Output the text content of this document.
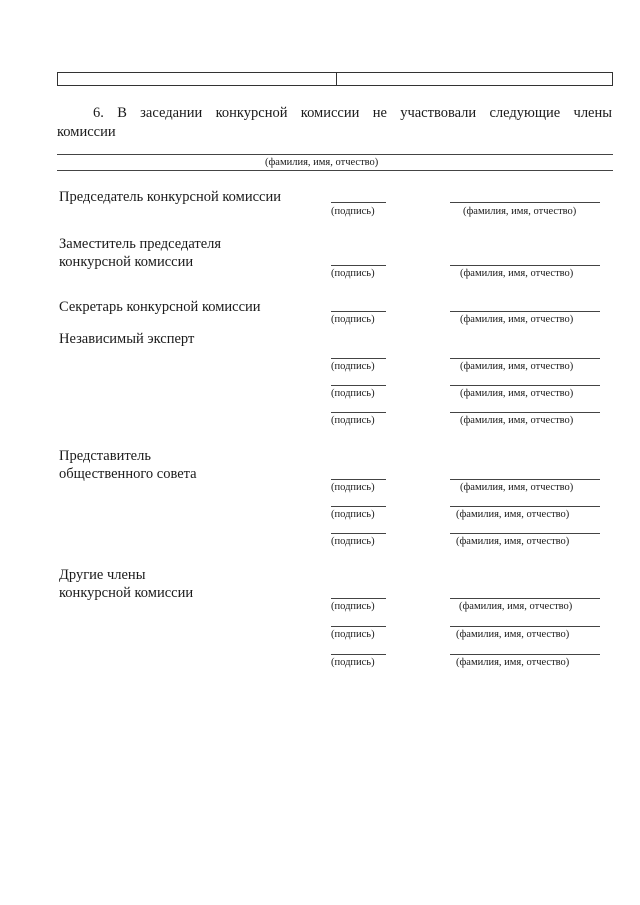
6. В заседании конкурсной комиссии не участвовали следующие члены
комиссии
(фамилия, имя, отчество)
Председатель конкурсной комиссии
(подпись)	(фамилия, имя, отчество)
Заместитель председателя
конкурсной комиссии
(подпись)	(фамилия, имя, отчество)
Секретарь конкурсной комиссии
(подпись)	(фамилия, имя, отчество)
Независимый эксперт
(подпись)	(фамилия, имя, отчество)
(подпись)	(фамилия, имя, отчество)
(подпись)	(фамилия, имя, отчество)
Представитель
общественного совета
(подпись)	(фамилия, имя, отчество)
(подпись)	(фамилия, имя, отчество)
(подпись)	(фамилия, имя, отчество)
Другие члены
конкурсной комиссии
(подпись)	(фамилия, имя, отчество)
(подпись)	(фамилия, имя, отчество)
(подпись)	(фамилия, имя, отчество)
